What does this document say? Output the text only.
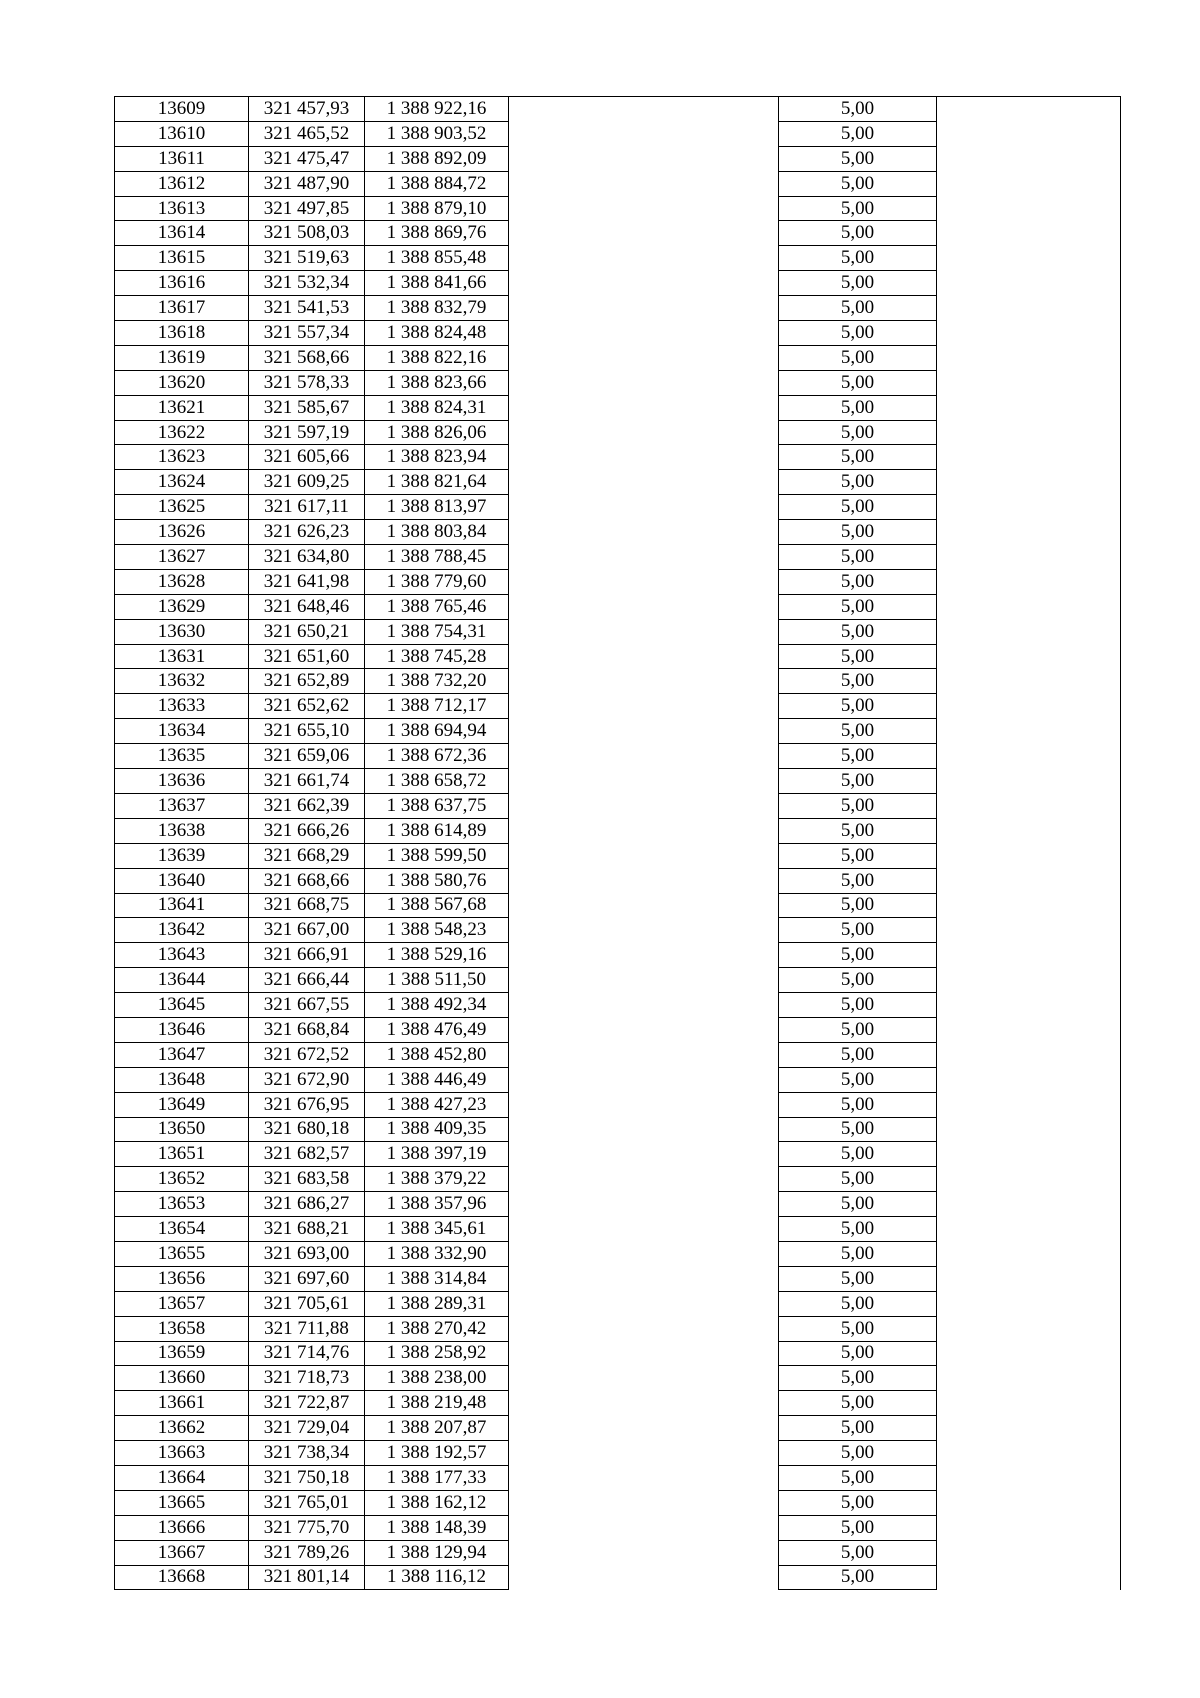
13609	321 457,93	1 388 922,16		5,00	
13610	321 465,52	1 388 903,52		5,00	
13611	321 475,47	1 388 892,09		5,00	
13612	321 487,90	1 388 884,72		5,00	
13613	321 497,85	1 388 879,10		5,00	
13614	321 508,03	1 388 869,76		5,00	
13615	321 519,63	1 388 855,48		5,00	
13616	321 532,34	1 388 841,66		5,00	
13617	321 541,53	1 388 832,79		5,00	
13618	321 557,34	1 388 824,48		5,00	
13619	321 568,66	1 388 822,16		5,00	
13620	321 578,33	1 388 823,66		5,00	
13621	321 585,67	1 388 824,31		5,00	
13622	321 597,19	1 388 826,06		5,00	
13623	321 605,66	1 388 823,94		5,00	
13624	321 609,25	1 388 821,64		5,00	
13625	321 617,11	1 388 813,97		5,00	
13626	321 626,23	1 388 803,84		5,00	
13627	321 634,80	1 388 788,45		5,00	
13628	321 641,98	1 388 779,60		5,00	
13629	321 648,46	1 388 765,46		5,00	
13630	321 650,21	1 388 754,31		5,00	
13631	321 651,60	1 388 745,28		5,00	
13632	321 652,89	1 388 732,20		5,00	
13633	321 652,62	1 388 712,17		5,00	
13634	321 655,10	1 388 694,94		5,00	
13635	321 659,06	1 388 672,36		5,00	
13636	321 661,74	1 388 658,72		5,00	
13637	321 662,39	1 388 637,75		5,00	
13638	321 666,26	1 388 614,89		5,00	
13639	321 668,29	1 388 599,50		5,00	
13640	321 668,66	1 388 580,76		5,00	
13641	321 668,75	1 388 567,68		5,00	
13642	321 667,00	1 388 548,23		5,00	
13643	321 666,91	1 388 529,16		5,00	
13644	321 666,44	1 388 511,50		5,00	
13645	321 667,55	1 388 492,34		5,00	
13646	321 668,84	1 388 476,49		5,00	
13647	321 672,52	1 388 452,80		5,00	
13648	321 672,90	1 388 446,49		5,00	
13649	321 676,95	1 388 427,23		5,00	
13650	321 680,18	1 388 409,35		5,00	
13651	321 682,57	1 388 397,19		5,00	
13652	321 683,58	1 388 379,22		5,00	
13653	321 686,27	1 388 357,96		5,00	
13654	321 688,21	1 388 345,61		5,00	
13655	321 693,00	1 388 332,90		5,00	
13656	321 697,60	1 388 314,84		5,00	
13657	321 705,61	1 388 289,31		5,00	
13658	321 711,88	1 388 270,42		5,00	
13659	321 714,76	1 388 258,92		5,00	
13660	321 718,73	1 388 238,00		5,00	
13661	321 722,87	1 388 219,48		5,00	
13662	321 729,04	1 388 207,87		5,00	
13663	321 738,34	1 388 192,57		5,00	
13664	321 750,18	1 388 177,33		5,00	
13665	321 765,01	1 388 162,12		5,00	
13666	321 775,70	1 388 148,39		5,00	
13667	321 789,26	1 388 129,94		5,00	
13668	321 801,14	1 388 116,12		5,00	
